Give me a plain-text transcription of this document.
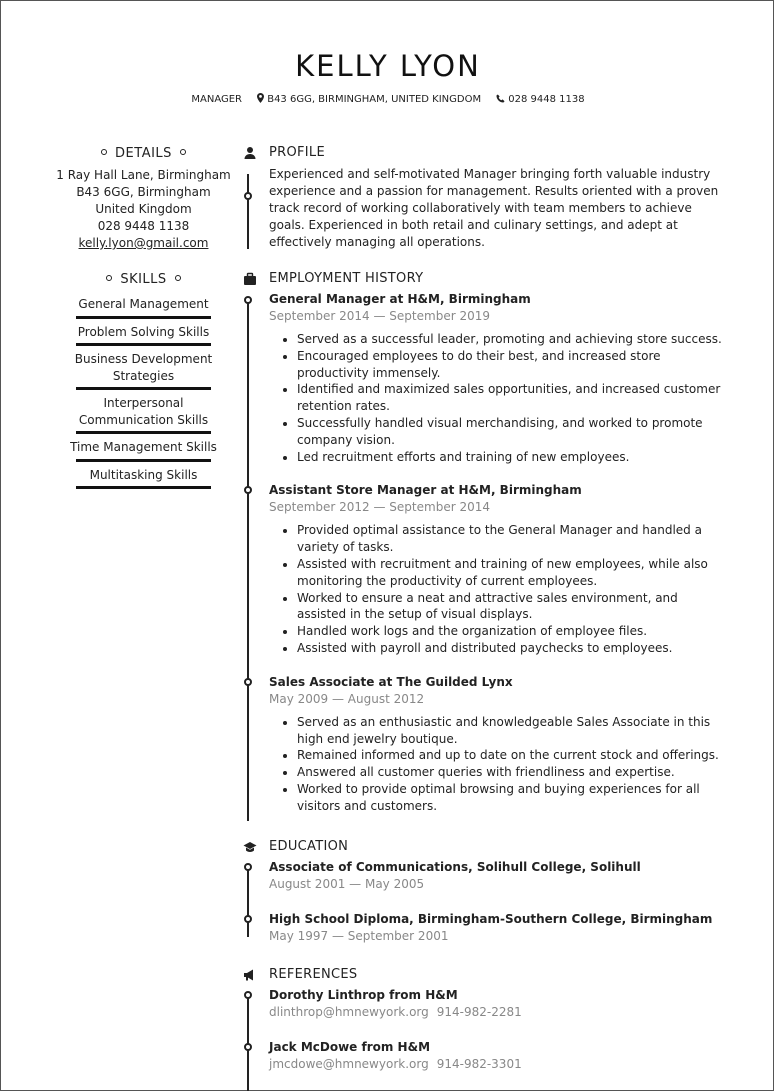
KELLY LYON
MANAGER	B43 6GG, BIRMINGHAM, UNITED KINGDOM	028 9448 1138
DETAILS

1 Ray Hall Lane, Birmingham

B43 6GG, Birmingham

United Kingdom

028 9448 1138

kelly.lyon@gmail.com

SKILLS
General Management
Problem Solving Skills
Business Development Strategies
Interpersonal Communication Skills
Time Management Skills
Multitasking Skills
PROFILE

Experienced and self-motivated Manager bringing forth valuable industry experience and a passion for management. Results oriented with a proven track record of working collaboratively with team members to achieve goals. Experienced in both retail and culinary settings, and adept at effectively managing all operations.

EMPLOYMENT HISTORY
General Manager at H&M, Birmingham
September 2014 — September 2019
• Served as a successful leader, promoting and achieving store success.
• Encouraged employees to do their best, and increased store productivity immensely.
• Identified and maximized sales opportunities, and increased customer retention rates.
• Successfully handled visual merchandising, and worked to promote company vision.
• Led recruitment efforts and training of new employees.
Assistant Store Manager at H&M, Birmingham
September 2012 — September 2014
• Provided optimal assistance to the General Manager and handled a variety of tasks.
• Assisted with recruitment and training of new employees, while also monitoring the productivity of current employees.
• Worked to ensure a neat and attractive sales environment, and assisted in the setup of visual displays.
• Handled work logs and the organization of employee files.
• Assisted with payroll and distributed paychecks to employees.
Sales Associate at The Guilded Lynx
May 2009 — August 2012
• Served as an enthusiastic and knowledgeable Sales Associate in this high end jewelry boutique.
• Remained informed and up to date on the current stock and offerings.
• Answered all customer queries with friendliness and expertise.
• Worked to provide optimal browsing and buying experiences for all visitors and customers.
EDUCATION
Associate of Communications, Solihull College, Solihull
August 2001 — May 2005
High School Diploma, Birmingham-Southern College, Birmingham
May 1997 — September 2001
REFERENCES
Dorothy Linthrop from H&M
dlinthrop@hmnewyork.org 914-982-2281
Jack McDowe from H&M
jmcdowe@hmnewyork.org 914-982-3301
